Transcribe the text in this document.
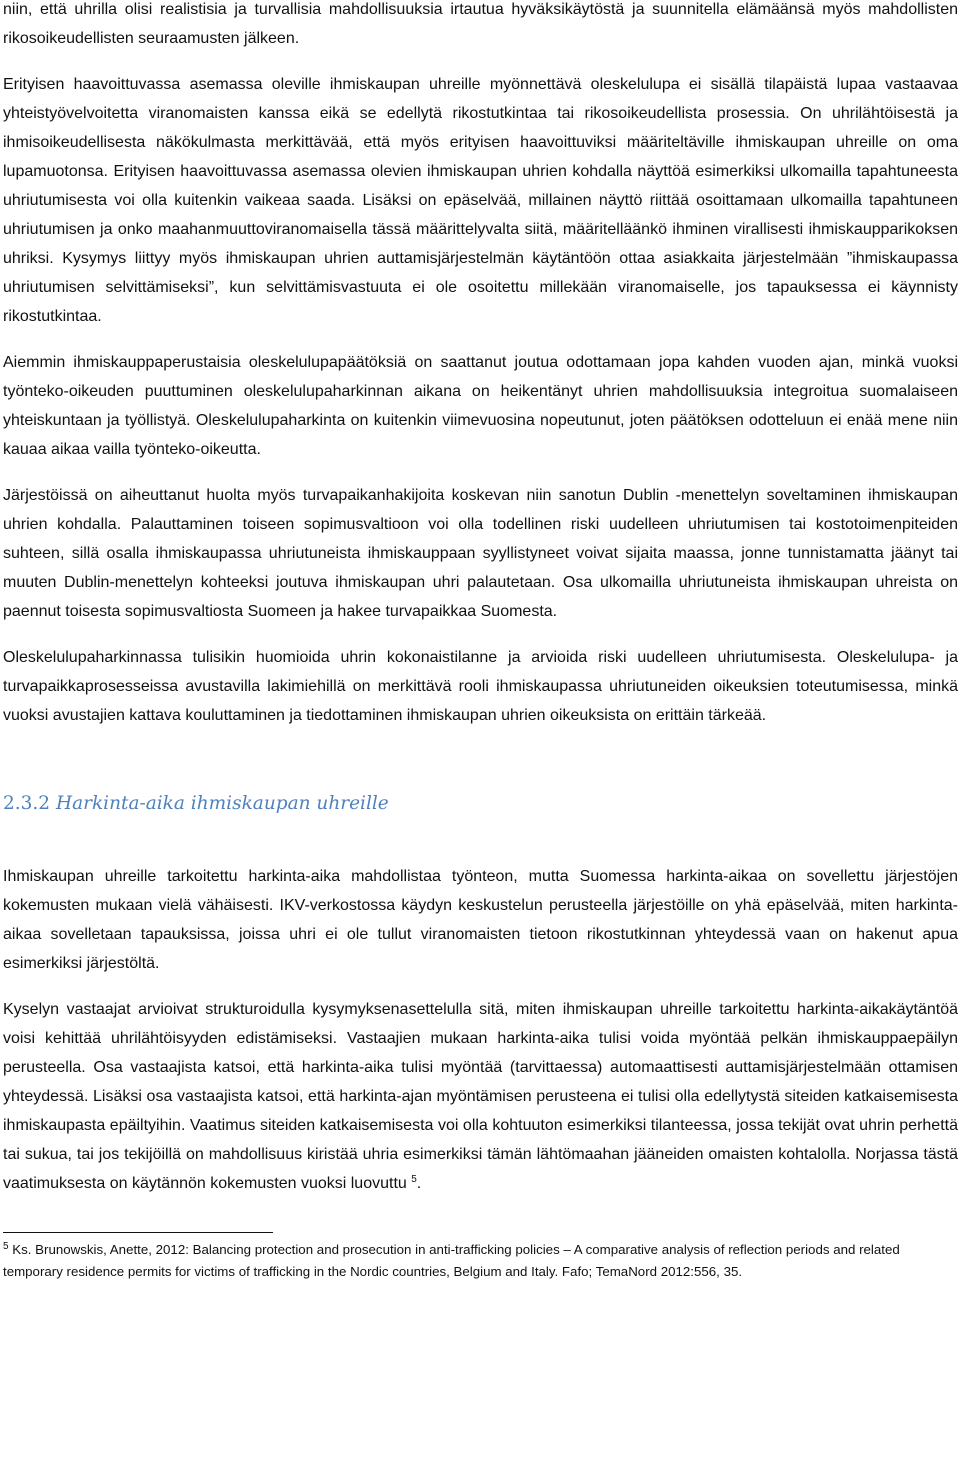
niin, että uhrilla olisi realistisia ja turvallisia mahdollisuuksia irtautua hyväksikäytöstä ja suunnitella elämäänsä myös mahdollisten rikosoikeudellisten seuraamusten jälkeen.

Erityisen haavoittuvassa asemassa oleville ihmiskaupan uhreille myönnettävä oleskelulupa ei sisällä tilapäistä lupaa vastaavaa yhteistyövelvoitetta viranomaisten kanssa eikä se edellytä rikostutkintaa tai rikosoikeudellista prosessia. On uhrilähtöisestä ja ihmisoikeudellisesta näkökulmasta merkittävää, että myös erityisen haavoittuviksi määriteltäville ihmiskaupan uhreille on oma lupamuotonsa. Erityisen haavoittuvassa asemassa olevien ihmiskaupan uhrien kohdalla näyttöä esimerkiksi ulkomailla tapahtuneesta uhriutumisesta voi olla kuitenkin vaikeaa saada. Lisäksi on epäselvää, millainen näyttö riittää osoittamaan ulkomailla tapahtuneen uhriutumisen ja onko maahanmuuttoviranomaisella tässä määrittelyvalta siitä, määritelläänkö ihminen virallisesti ihmiskaupparikoksen uhriksi. Kysymys liittyy myös ihmiskaupan uhrien auttamisjärjestelmän käytäntöön ottaa asiakkaita järjestelmään ”ihmiskaupassa uhriutumisen selvittämiseksi”, kun selvittämisvastuuta ei ole osoitettu millekään viranomaiselle, jos tapauksessa ei käynnisty rikostutkintaa.

Aiemmin ihmiskauppaperustaisia oleskelulupapäätöksiä on saattanut joutua odottamaan jopa kahden vuoden ajan, minkä vuoksi työnteko-oikeuden puuttuminen oleskelulupaharkinnan aikana on heikentänyt uhrien mahdollisuuksia integroitua suomalaiseen yhteiskuntaan ja työllistyä. Oleskelulupaharkinta on kuitenkin viimevuosina nopeutunut, joten päätöksen odotteluun ei enää mene niin kauaa aikaa vailla työnteko-oikeutta.

Järjestöissä on aiheuttanut huolta myös turvapaikanhakijoita koskevan niin sanotun Dublin -menettelyn soveltaminen ihmiskaupan uhrien kohdalla. Palauttaminen toiseen sopimusvaltioon voi olla todellinen riski uudelleen uhriutumisen tai kostotoimenpiteiden suhteen, sillä osalla ihmiskaupassa uhriutuneista ihmiskauppaan syyllistyneet voivat sijaita maassa, jonne tunnistamatta jäänyt tai muuten Dublin-menettelyn kohteeksi joutuva ihmiskaupan uhri palautetaan. Osa ulkomailla uhriutuneista ihmiskaupan uhreista on paennut toisesta sopimusvaltiosta Suomeen ja hakee turvapaikkaa Suomesta.

Oleskelulupaharkinnassa tulisikin huomioida uhrin kokonaistilanne ja arvioida riski uudelleen uhriutumisesta. Oleskelulupa- ja turvapaikkaprosesseissa avustavilla lakimiehillä on merkittävä rooli ihmiskaupassa uhriutuneiden oikeuksien toteutumisessa, minkä vuoksi avustajien kattava kouluttaminen ja tiedottaminen ihmiskaupan uhrien oikeuksista on erittäin tärkeää.

2.3.2 Harkinta-aika ihmiskaupan uhreille

Ihmiskaupan uhreille tarkoitettu harkinta-aika mahdollistaa työnteon, mutta Suomessa harkinta-aikaa on sovellettu järjestöjen kokemusten mukaan vielä vähäisesti. IKV-verkostossa käydyn keskustelun perusteella järjestöille on yhä epäselvää, miten harkinta-aikaa sovelletaan tapauksissa, joissa uhri ei ole tullut viranomaisten tietoon rikostutkinnan yhteydessä vaan on hakenut apua esimerkiksi järjestöltä.

Kyselyn vastaajat arvioivat strukturoidulla kysymyksenasettelulla sitä, miten ihmiskaupan uhreille tarkoitettu harkinta-aikakäytäntöä voisi kehittää uhrilähtöisyyden edistämiseksi. Vastaajien mukaan harkinta-aika tulisi voida myöntää pelkän ihmiskauppaepäilyn perusteella. Osa vastaajista katsoi, että harkinta-aika tulisi myöntää (tarvittaessa) automaattisesti auttamisjärjestelmään ottamisen yhteydessä. Lisäksi osa vastaajista katsoi, että harkinta-ajan myöntämisen perusteena ei tulisi olla edellytystä siteiden katkaisemisesta ihmiskaupasta epäiltyihin. Vaatimus siteiden katkaisemisesta voi olla kohtuuton esimerkiksi tilanteessa, jossa tekijät ovat uhrin perhettä tai sukua, tai jos tekijöillä on mahdollisuus kiristää uhria esimerkiksi tämän lähtömaahan jääneiden omaisten kohtalolla. Norjassa tästä vaatimuksesta on käytännön kokemusten vuoksi luovuttu $^5$.

$^5$ Ks. Brunowskis, Anette, 2012: Balancing protection and prosecution in anti-trafficking policies – A comparative analysis of reflection periods and related temporary residence permits for victims of trafficking in the Nordic countries, Belgium and Italy. Fafo; TemaNord 2012:556, 35.
